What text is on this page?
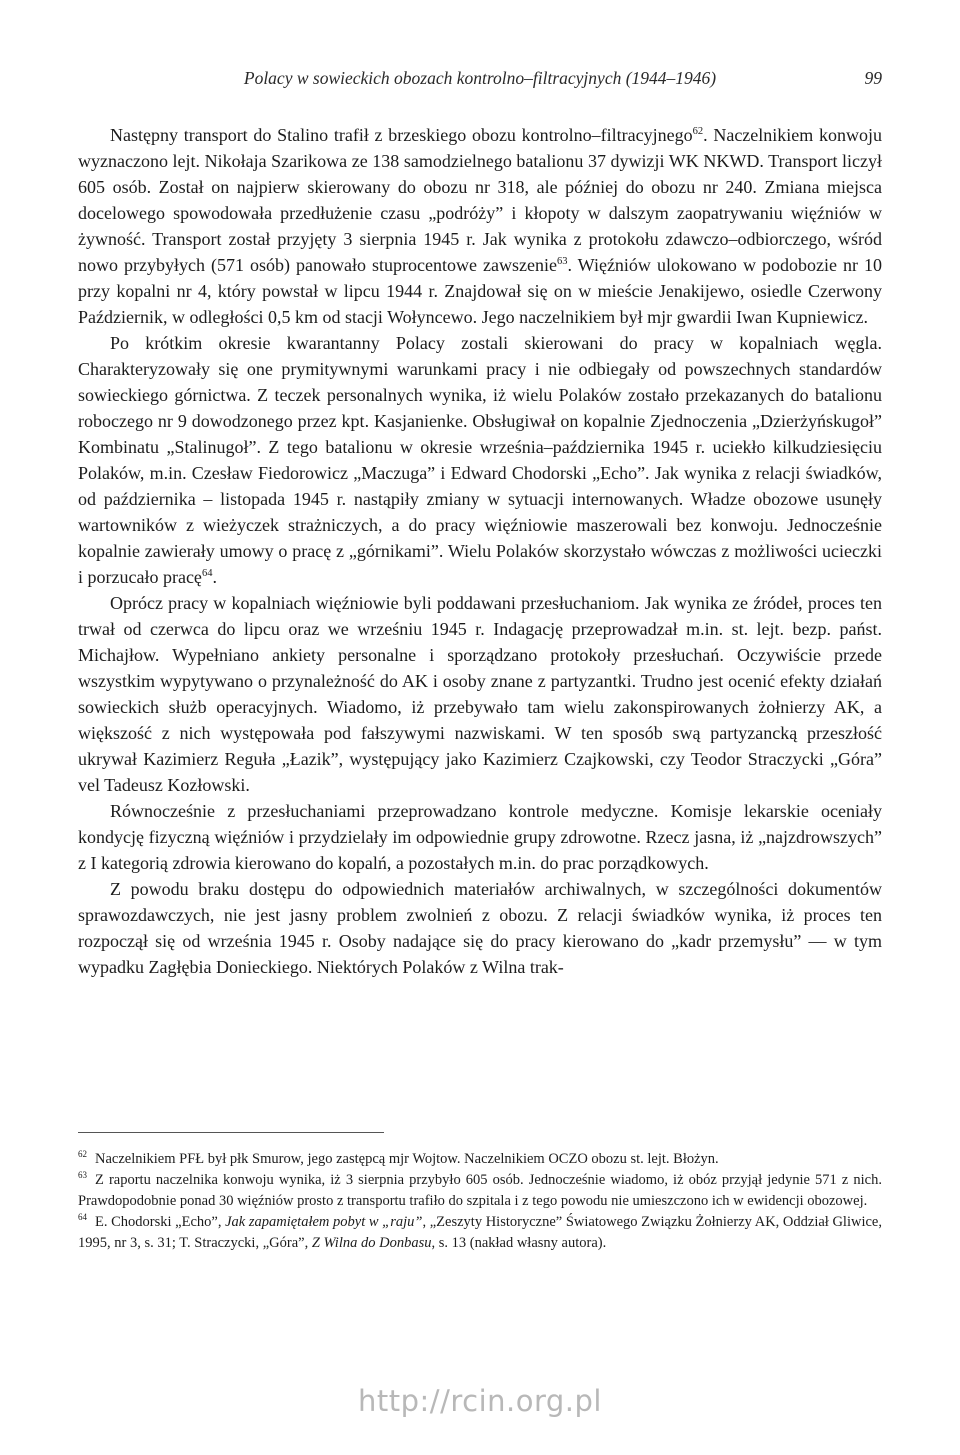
Polacy w sowieckich obozach kontrolno–filtracyjnych (1944–1946)	99

Następny transport do Stalino trafił z brzeskiego obozu kontrolno–filtracyjnego$^{62}$. Naczelnikiem konwoju wyznaczono lejt. Nikołaja Szarikowa ze 138 samodzielnego batalionu 37 dywizji WK NKWD. Transport liczył 605 osób. Został on najpierw skierowany do obozu nr 318, ale później do obozu nr 240. Zmiana miejsca docelowego spowodowała przedłużenie czasu „podróży” i kłopoty w dalszym zaopatrywaniu więźniów w żywność. Transport został przyjęty 3 sierpnia 1945 r. Jak wynika z protokołu zdawczo–odbiorczego, wśród nowo przybyłych (571 osób) panowało stuprocentowe zawszenie$^{63}$. Więźniów ulokowano w podobozie nr 10 przy kopalni nr 4, który powstał w lipcu 1944 r. Znajdował się on w mieście Jenakijewo, osiedle Czerwony Październik, w odległości 0,5 km od stacji Wołyncewo. Jego naczelnikiem był mjr gwardii Iwan Kupniewicz.

Po krótkim okresie kwarantanny Polacy zostali skierowani do pracy w kopalniach węgla. Charakteryzowały się one prymitywnymi warunkami pracy i nie odbiegały od powszechnych standardów sowieckiego górnictwa. Z teczek personalnych wynika, iż wielu Polaków zostało przekazanych do batalionu roboczego nr 9 dowodzonego przez kpt. Kasjanienke. Obsługiwał on kopalnie Zjednoczenia „Dzierżyńskugoł” Kombinatu „Stalinugoł”. Z tego batalionu w okresie września–października 1945 r. uciekło kilkudziesięciu Polaków, m.in. Czesław Fiedorowicz „Maczuga” i Edward Chodorski „Echo”. Jak wynika z relacji świadków, od października – listopada 1945 r. nastąpiły zmiany w sytuacji internowanych. Władze obozowe usunęły wartowników z wieżyczek strażniczych, a do pracy więźniowie maszerowali bez konwoju. Jednocześnie kopalnie zawierały umowy o pracę z „górnikami”. Wielu Polaków skorzystało wówczas z możliwości ucieczki i porzucało pracę$^{64}$.

Oprócz pracy w kopalniach więźniowie byli poddawani przesłuchaniom. Jak wynika ze źródeł, proces ten trwał od czerwca do lipcu oraz we wrześniu 1945 r. Indagację przeprowadzał m.in. st. lejt. bezp. państ. Michajłow. Wypełniano ankiety personalne i sporządzano protokoły przesłuchań. Oczywiście przede wszystkim wypytywano o przynależność do AK i osoby znane z partyzantki. Trudno jest ocenić efekty działań sowieckich służb operacyjnych. Wiadomo, iż przebywało tam wielu zakonspirowanych żołnierzy AK, a większość z nich występowała pod fałszywymi nazwiskami. W ten sposób swą partyzancką przeszłość ukrywał Kazimierz Reguła „Łazik”, występujący jako Kazimierz Czajkowski, czy Teodor Straczycki „Góra” vel Tadeusz Kozłowski.

Równocześnie z przesłuchaniami przeprowadzano kontrole medyczne. Komisje lekarskie oceniały kondycję fizyczną więźniów i przydzielały im odpowiednie grupy zdrowotne. Rzecz jasna, iż „najzdrowszych” z I kategorią zdrowia kierowano do kopalń, a pozostałych m.in. do prac porządkowych.

Z powodu braku dostępu do odpowiednich materiałów archiwalnych, w szczególności dokumentów sprawozdawczych, nie jest jasny problem zwolnień z obozu. Z relacji świadków wynika, iż proces ten rozpoczął się od września 1945 r. Osoby nadające się do pracy kierowano do „kadr przemysłu” — w tym wypadku Zagłębia Donieckiego. Niektórych Polaków z Wilna trak-

$^{62}$ Naczelnikiem PFŁ był płk Smurow, jego zastępcą mjr Wojtow. Naczelnikiem OCZO obozu st. lejt. Błożyn.

$^{63}$ Z raportu naczelnika konwoju wynika, iż 3 sierpnia przybyło 605 osób. Jednocześnie wiadomo, iż obóz przyjął jedynie 571 z nich. Prawdopodobnie ponad 30 więźniów prosto z transportu trafiło do szpitala i z tego powodu nie umieszczono ich w ewidencji obozowej.

$^{64}$ E. Chodorski „Echo”, Jak zapamiętałem pobyt w „raju”, „Zeszyty Historyczne” Światowego Związku Żołnierzy AK, Oddział Gliwice, 1995, nr 3, s. 31; T. Straczycki, „Góra”, Z Wilna do Donbasu, s. 13 (nakład własny autora).

http://rcin.org.pl
